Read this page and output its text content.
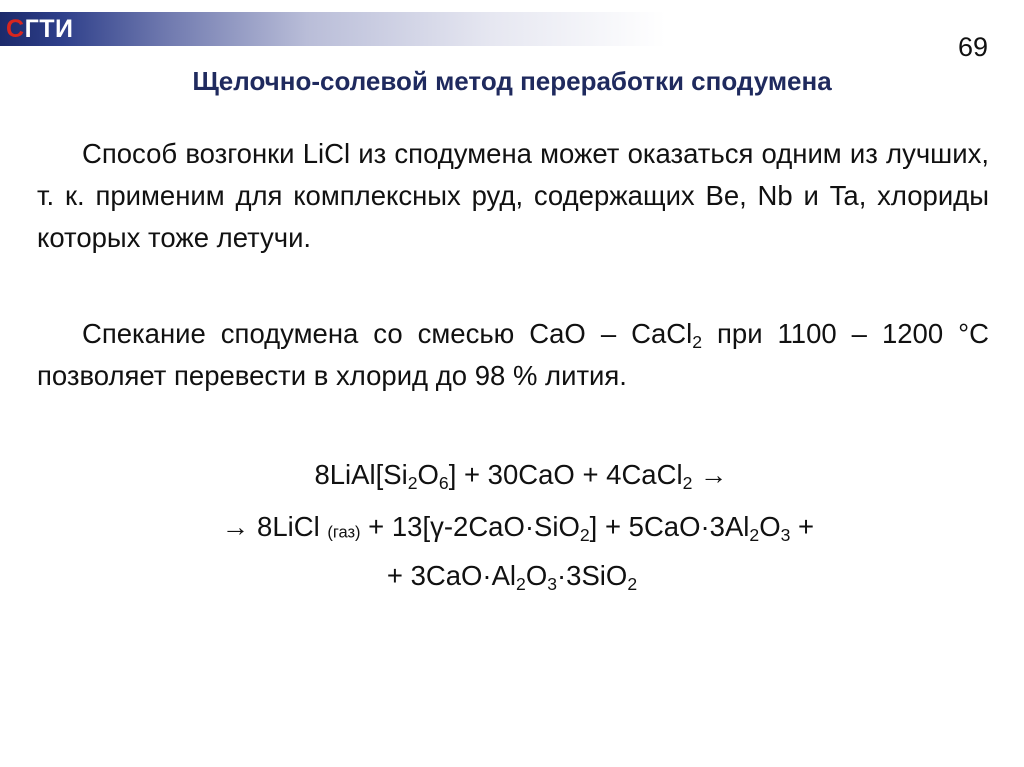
С ГТИ
69
Щелочно-солевой метод переработки сподумена

Способ возгонки LiCl из сподумена может оказаться одним из лучших, т. к. применим для комплексных руд, содержащих Be, Nb и Ta, хлориды которых тоже летучи.

Спекание сподумена со смесью CaO – CaCl$_2$ при 1100 – 1200 °C позволяет перевести в хлорид до 98 % лития.

$8LiAl[Si_2O_6] + 30CaO$ + 4CaCl$_2$ →
→ 8LiCl $(газ) + 13[\gamma-2CaO\cdot SiO_2] + 5CaO\cdot 3Al_2O_3$ +
+ $3CaO\cdot Al_2O_3\cdot 3SiO_2$
